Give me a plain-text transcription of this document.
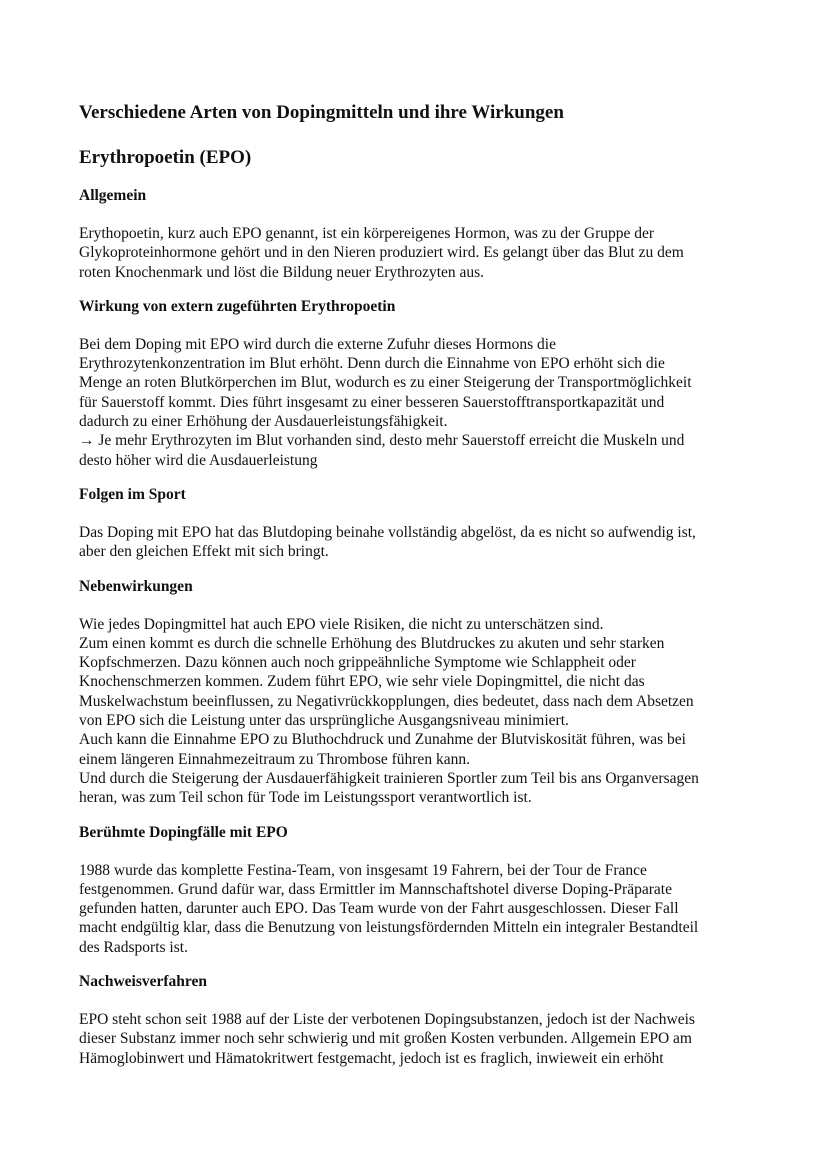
Verschiedene Arten von Dopingmitteln und ihre Wirkungen
Erythropoetin (EPO)
Allgemein

Erythopoetin, kurz auch EPO genannt, ist ein körpereigenes Hormon, was zu der Gruppe der

Glykoproteinhormone gehört und in den Nieren produziert wird. Es gelangt über das Blut zu dem

roten Knochenmark und löst die Bildung neuer Erythrozyten aus.

Wirkung von extern zugeführten Erythropoetin

Bei dem Doping mit EPO wird durch die externe Zufuhr dieses Hormons die

Erythrozytenkonzentration im Blut erhöht. Denn durch die Einnahme von EPO erhöht sich die

Menge an roten Blutkörperchen im Blut, wodurch es zu einer Steigerung der Transportmöglichkeit

für Sauerstoff kommt. Dies führt insgesamt zu einer besseren Sauerstofftransportkapazität und

dadurch zu einer Erhöhung der Ausdauerleistungsfähigkeit.

→ Je mehr Erythrozyten im Blut vorhanden sind, desto mehr Sauerstoff erreicht die Muskeln und

desto höher wird die Ausdauerleistung

Folgen im Sport

Das Doping mit EPO hat das Blutdoping beinahe vollständig abgelöst, da es nicht so aufwendig ist,

aber den gleichen Effekt mit sich bringt.

Nebenwirkungen

Wie jedes Dopingmittel hat auch EPO viele Risiken, die nicht zu unterschätzen sind.

Zum einen kommt es durch die schnelle Erhöhung des Blutdruckes zu akuten und sehr starken

Kopfschmerzen. Dazu können auch noch grippeähnliche Symptome wie Schlappheit oder

Knochenschmerzen kommen. Zudem führt EPO, wie sehr viele Dopingmittel, die nicht das

Muskelwachstum beeinflussen, zu Negativrückkopplungen, dies bedeutet, dass nach dem Absetzen

von EPO sich die Leistung unter das ursprüngliche Ausgangsniveau minimiert.

Auch kann die Einnahme EPO zu Bluthochdruck und Zunahme der Blutviskosität führen, was bei

einem längeren Einnahmezeitraum zu Thrombose führen kann.

Und durch die Steigerung der Ausdauerfähigkeit trainieren Sportler zum Teil bis ans Organversagen

heran, was zum Teil schon für Tode im Leistungssport verantwortlich ist.

Berühmte Dopingfälle mit EPO

1988 wurde das komplette Festina-Team, von insgesamt 19 Fahrern, bei der Tour de France

festgenommen. Grund dafür war, dass Ermittler im Mannschaftshotel diverse Doping-Präparate

gefunden hatten, darunter auch EPO. Das Team wurde von der Fahrt ausgeschlossen. Dieser Fall

macht endgültig klar, dass die Benutzung von leistungsfördernden Mitteln ein integraler Bestandteil

des Radsports ist.

Nachweisverfahren

EPO steht schon seit 1988 auf der Liste der verbotenen Dopingsubstanzen, jedoch ist der Nachweis

dieser Substanz immer noch sehr schwierig und mit großen Kosten verbunden. Allgemein EPO am

Hämoglobinwert und Hämatokritwert festgemacht, jedoch ist es fraglich, inwieweit ein erhöht
